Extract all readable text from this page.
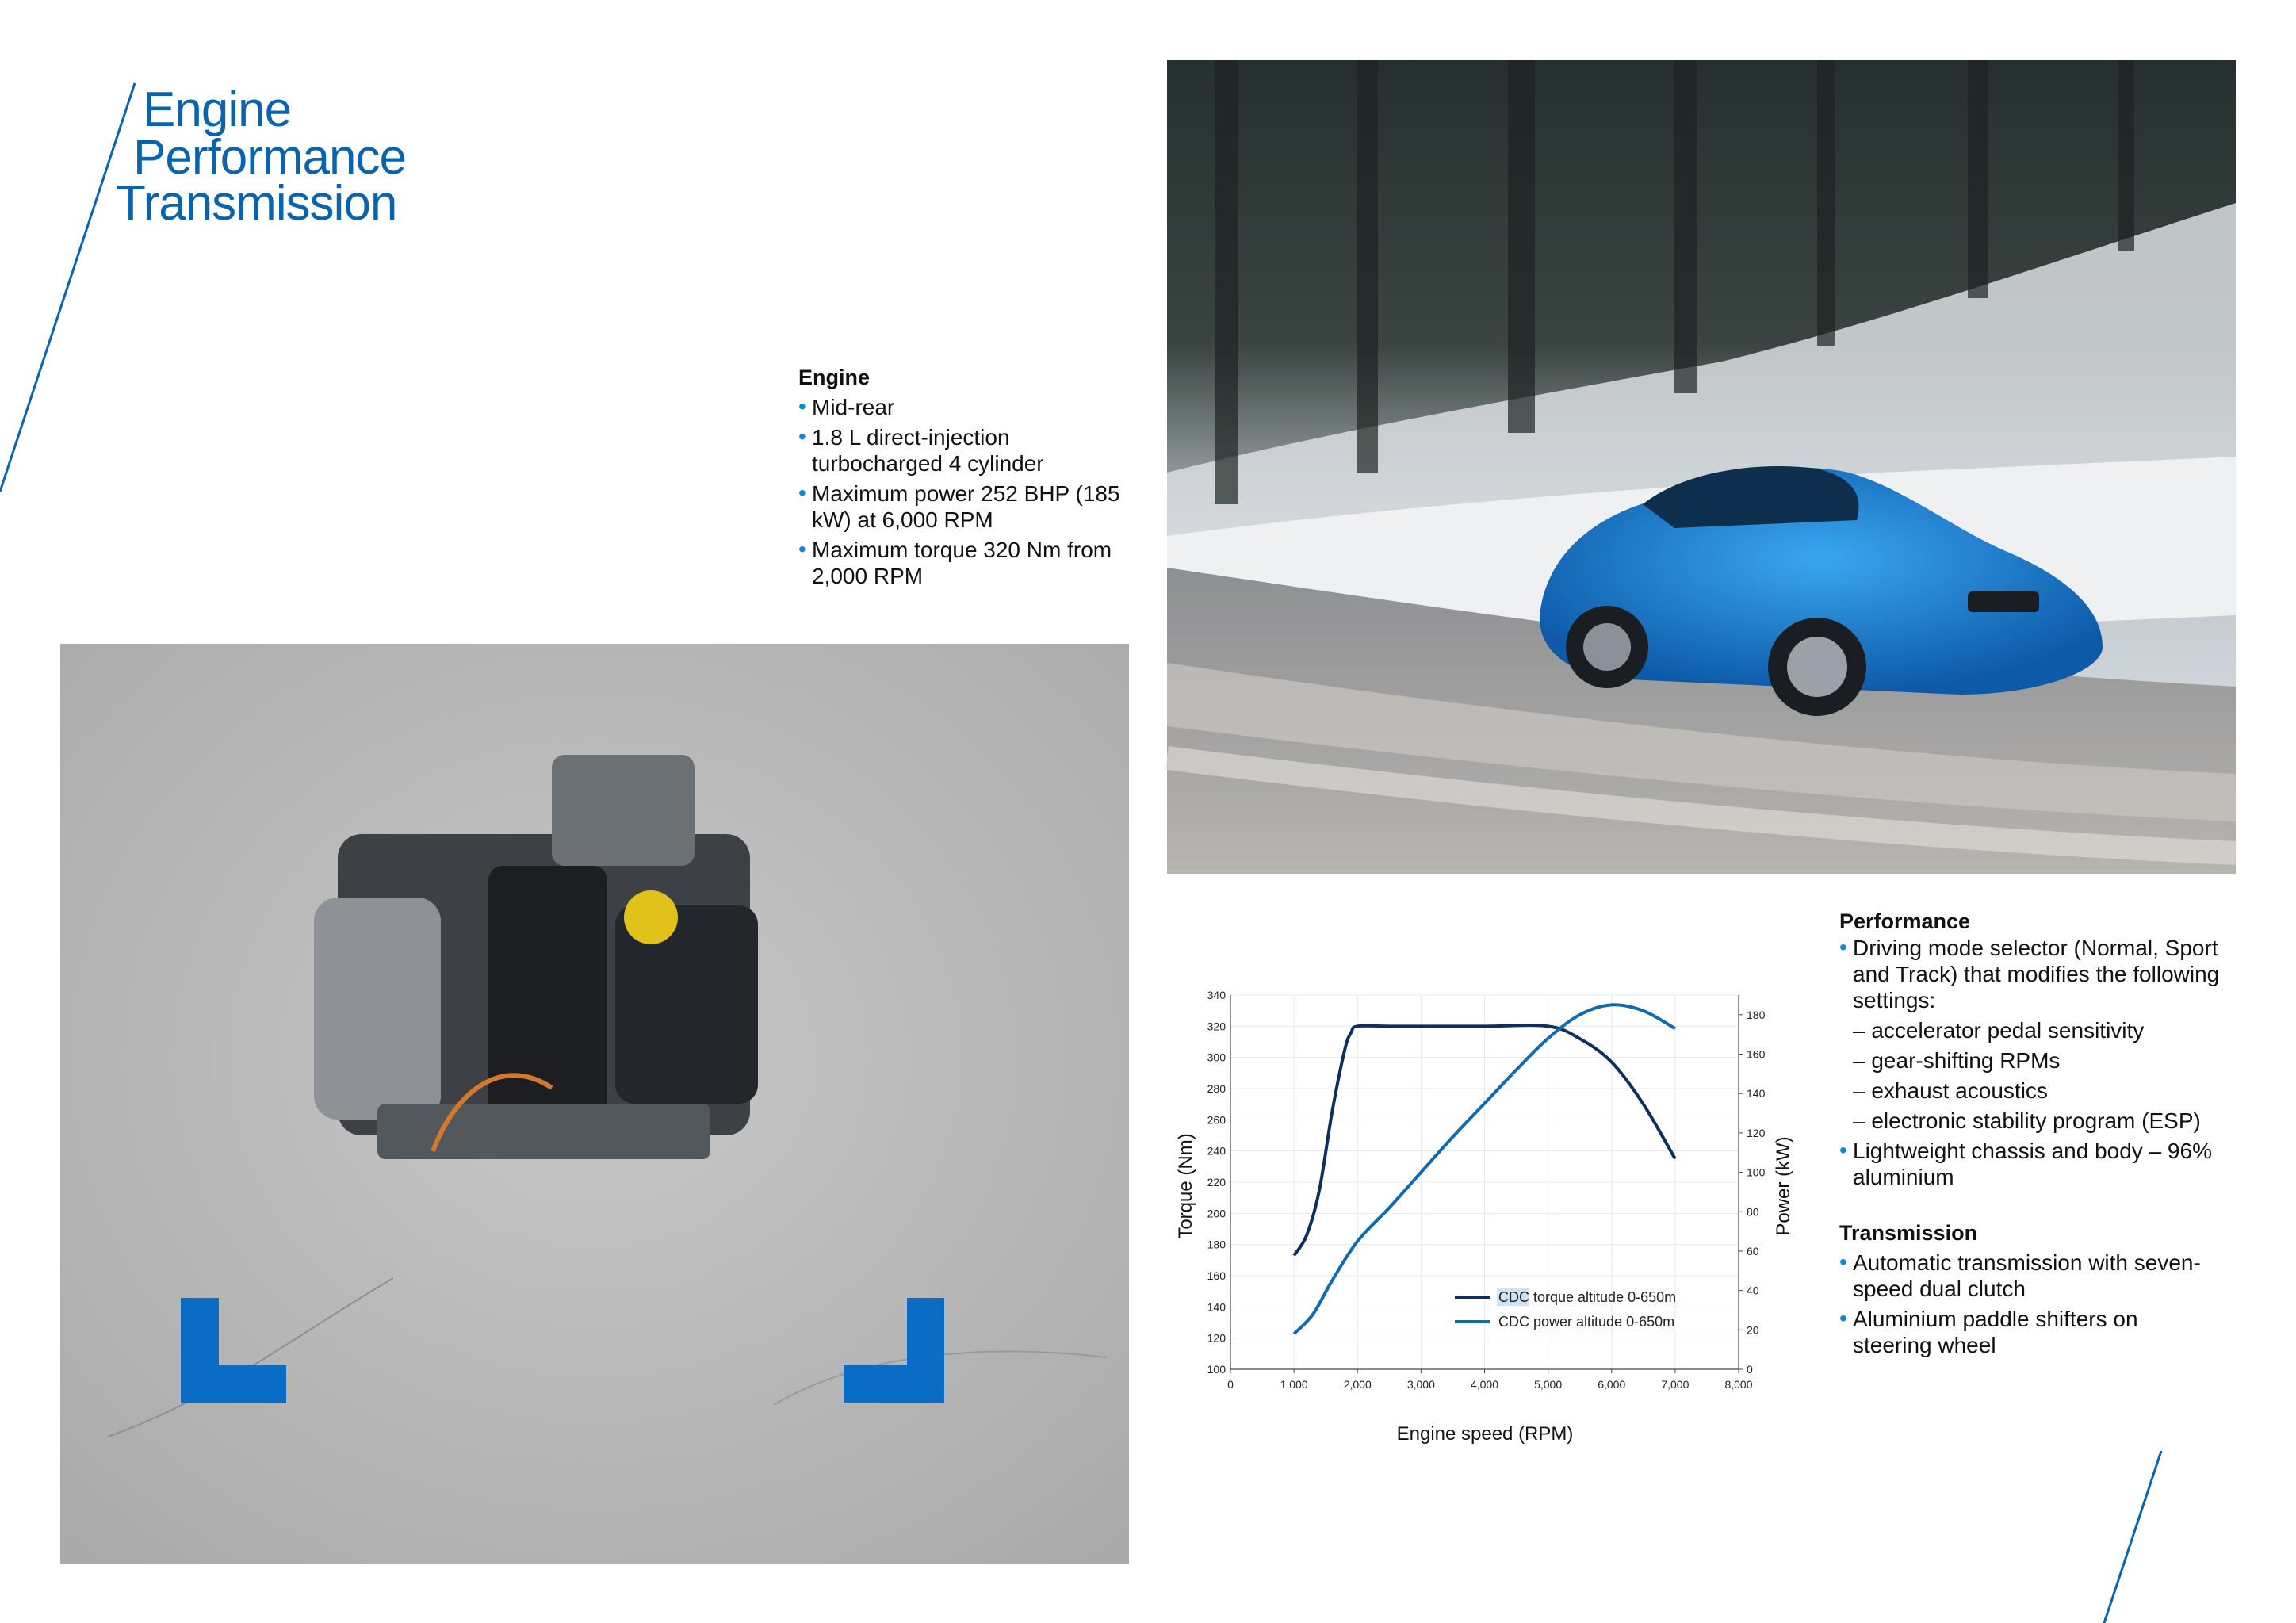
Engine
Performance
Transmission
Engine
• Mid-rear
• 1.8 L direct-injection turbocharged 4 cylinder
• Maximum power 252 BHP (185 kW) at 6,000 RPM
• Maximum torque 320 Nm from 2,000 RPM
100
120
140
160
180
200
220
240
260
280
300
320
340
0	1,000	2,000	3,000	4,000	5,000	6,000	7,000	8,000
0
20
40
60
80
100
120
140
160
180
Torque (Nm)	Power (kW)
Engine speed (RPM)
CDC torque altitude 0-650m
CDC power altitude 0-650m
Performance
• Driving mode selector (Normal, Sport and Track) that modifies the following settings:
– accelerator pedal sensitivity
– gear-shifting RPMs
– exhaust acoustics
– electronic stability program (ESP)
• Lightweight chassis and body – 96% aluminium
Transmission
• Automatic transmission with seven-speed dual clutch
• Aluminium paddle shifters on steering wheel
